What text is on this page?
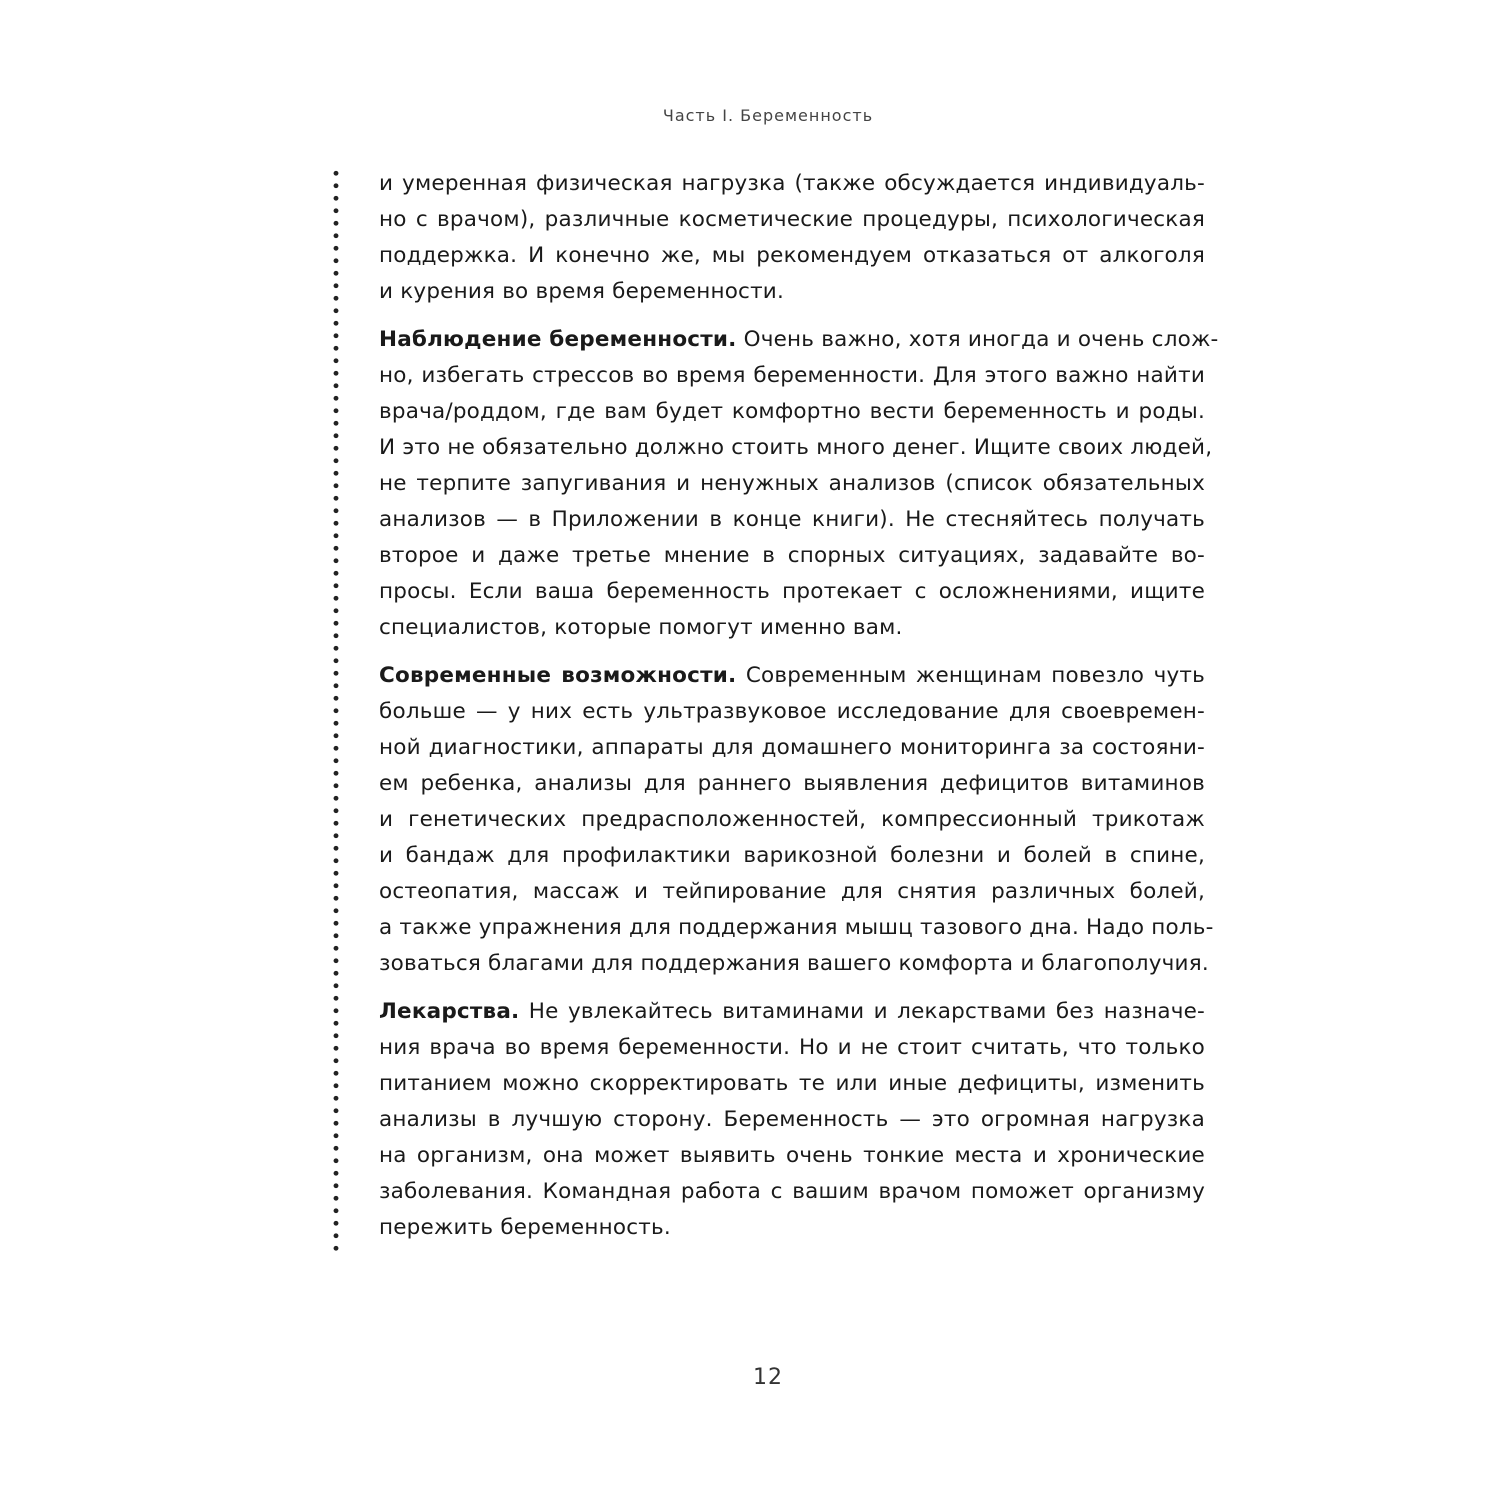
Часть I. Беременность

и умеренная физическая нагрузка (также обсуждается индивидуаль-
но с врачом), различные косметические процедуры, психологическая
поддержка. И конечно же, мы рекомендуем отказаться от алкоголя
и курения во время беременности.

Наблюдение беременности. Очень важно, хотя иногда и очень слож-
но, избегать стрессов во время беременности. Для этого важно найти
врача/роддом, где вам будет комфортно вести беременность и роды.
И это не обязательно должно стоить много денег. Ищите своих людей,
не терпите запугивания и ненужных анализов (список обязательных
анализов — в Приложении в конце книги). Не стесняйтесь получать
второе и даже третье мнение в спорных ситуациях, задавайте во-
просы. Если ваша беременность протекает с осложнениями, ищите
специалистов, которые помогут именно вам.

Современные возможности. Современным женщинам повезло чуть
больше — у них есть ультразвуковое исследование для своевремен-
ной диагностики, аппараты для домашнего мониторинга за состояни-
ем ребенка, анализы для раннего выявления дефицитов витаминов
и генетических предрасположенностей, компрессионный трикотаж
и бандаж для профилактики варикозной болезни и болей в спине,
остеопатия, массаж и тейпирование для снятия различных болей,
а также упражнения для поддержания мышц тазового дна. Надо поль-
зоваться благами для поддержания вашего комфорта и благополучия.

Лекарства. Не увлекайтесь витаминами и лекарствами без назначе-
ния врача во время беременности. Но и не стоит считать, что только
питанием можно скорректировать те или иные дефициты, изменить
анализы в лучшую сторону. Беременность — это огромная нагрузка
на организм, она может выявить очень тонкие места и хронические
заболевания. Командная работа с вашим врачом поможет организму
пережить беременность.

12
